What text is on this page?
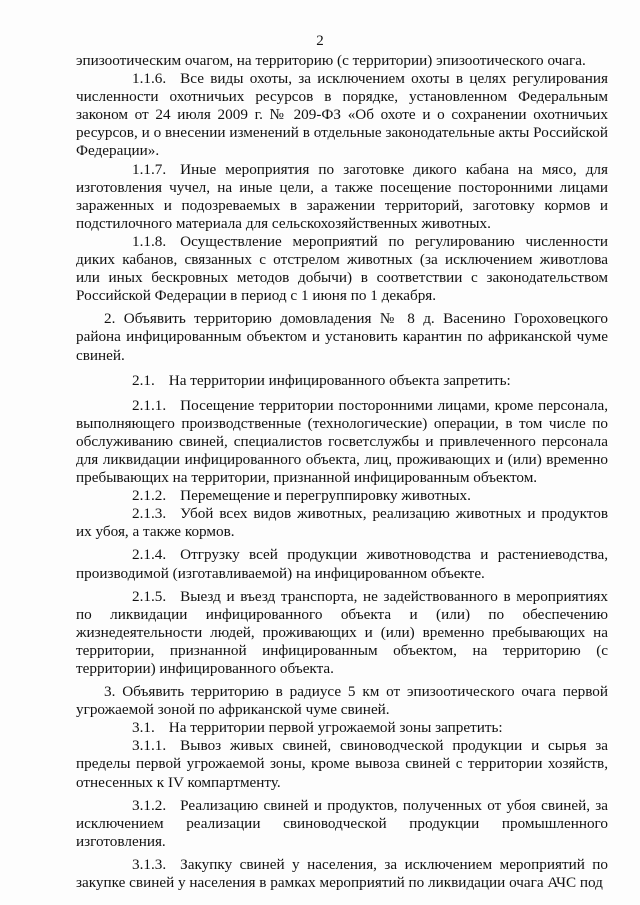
2

эпизоотическим очагом, на территорию (с территории) эпизоотического очага.

1.1.6. Все виды охоты, за исключением охоты в целях регулирования численности охотничьих ресурсов в порядке, установленном Федеральным законом от 24 июля 2009 г. № 209-ФЗ «Об охоте и о сохранении охотничьих ресурсов, и о внесении изменений в отдельные законодательные акты Российской Федерации».

1.1.7. Иные мероприятия по заготовке дикого кабана на мясо, для изготовления чучел, на иные цели, а также посещение посторонними лицами зараженных и подозреваемых в заражении территорий, заготовку кормов и подстилочного материала для сельскохозяйственных животных.

1.1.8. Осуществление мероприятий по регулированию численности диких кабанов, связанных с отстрелом животных (за исключением животлова или иных бескровных методов добычи) в соответствии с законодательством Российской Федерации в период с 1 июня по 1 декабря.

2. Объявить территорию домовладения № 8 д. Васенино Гороховецкого района инфицированным объектом и установить карантин по африканской чуме свиней.

2.1. На территории инфицированного объекта запретить:

2.1.1. Посещение территории посторонними лицами, кроме персонала, выполняющего производственные (технологические) операции, в том числе по обслуживанию свиней, специалистов госветслужбы и привлеченного персонала для ликвидации инфицированного объекта, лиц, проживающих и (или) временно пребывающих на территории, признанной инфицированным объектом.

2.1.2. Перемещение и перегруппировку животных.

2.1.3. Убой всех видов животных, реализацию животных и продуктов их убоя, а также кормов.

2.1.4. Отгрузку всей продукции животноводства и растениеводства, производимой (изготавливаемой) на инфицированном объекте.

2.1.5. Выезд и въезд транспорта, не задействованного в мероприятиях по ликвидации инфицированного объекта и (или) по обеспечению жизнедеятельности людей, проживающих и (или) временно пребывающих на территории, признанной инфицированным объектом, на территорию (с территории) инфицированного объекта.

3. Объявить территорию в радиусе 5 км от эпизоотического очага первой угрожаемой зоной по африканской чуме свиней.

3.1. На территории первой угрожаемой зоны запретить:

3.1.1. Вывоз живых свиней, свиноводческой продукции и сырья за пределы первой угрожаемой зоны, кроме вывоза свиней с территории хозяйств, отнесенных к IV компартменту.

3.1.2. Реализацию свиней и продуктов, полученных от убоя свиней, за исключением реализации свиноводческой продукции промышленного изготовления.

3.1.3. Закупку свиней у населения, за исключением мероприятий по закупке свиней у населения в рамках мероприятий по ликвидации очага АЧС под
